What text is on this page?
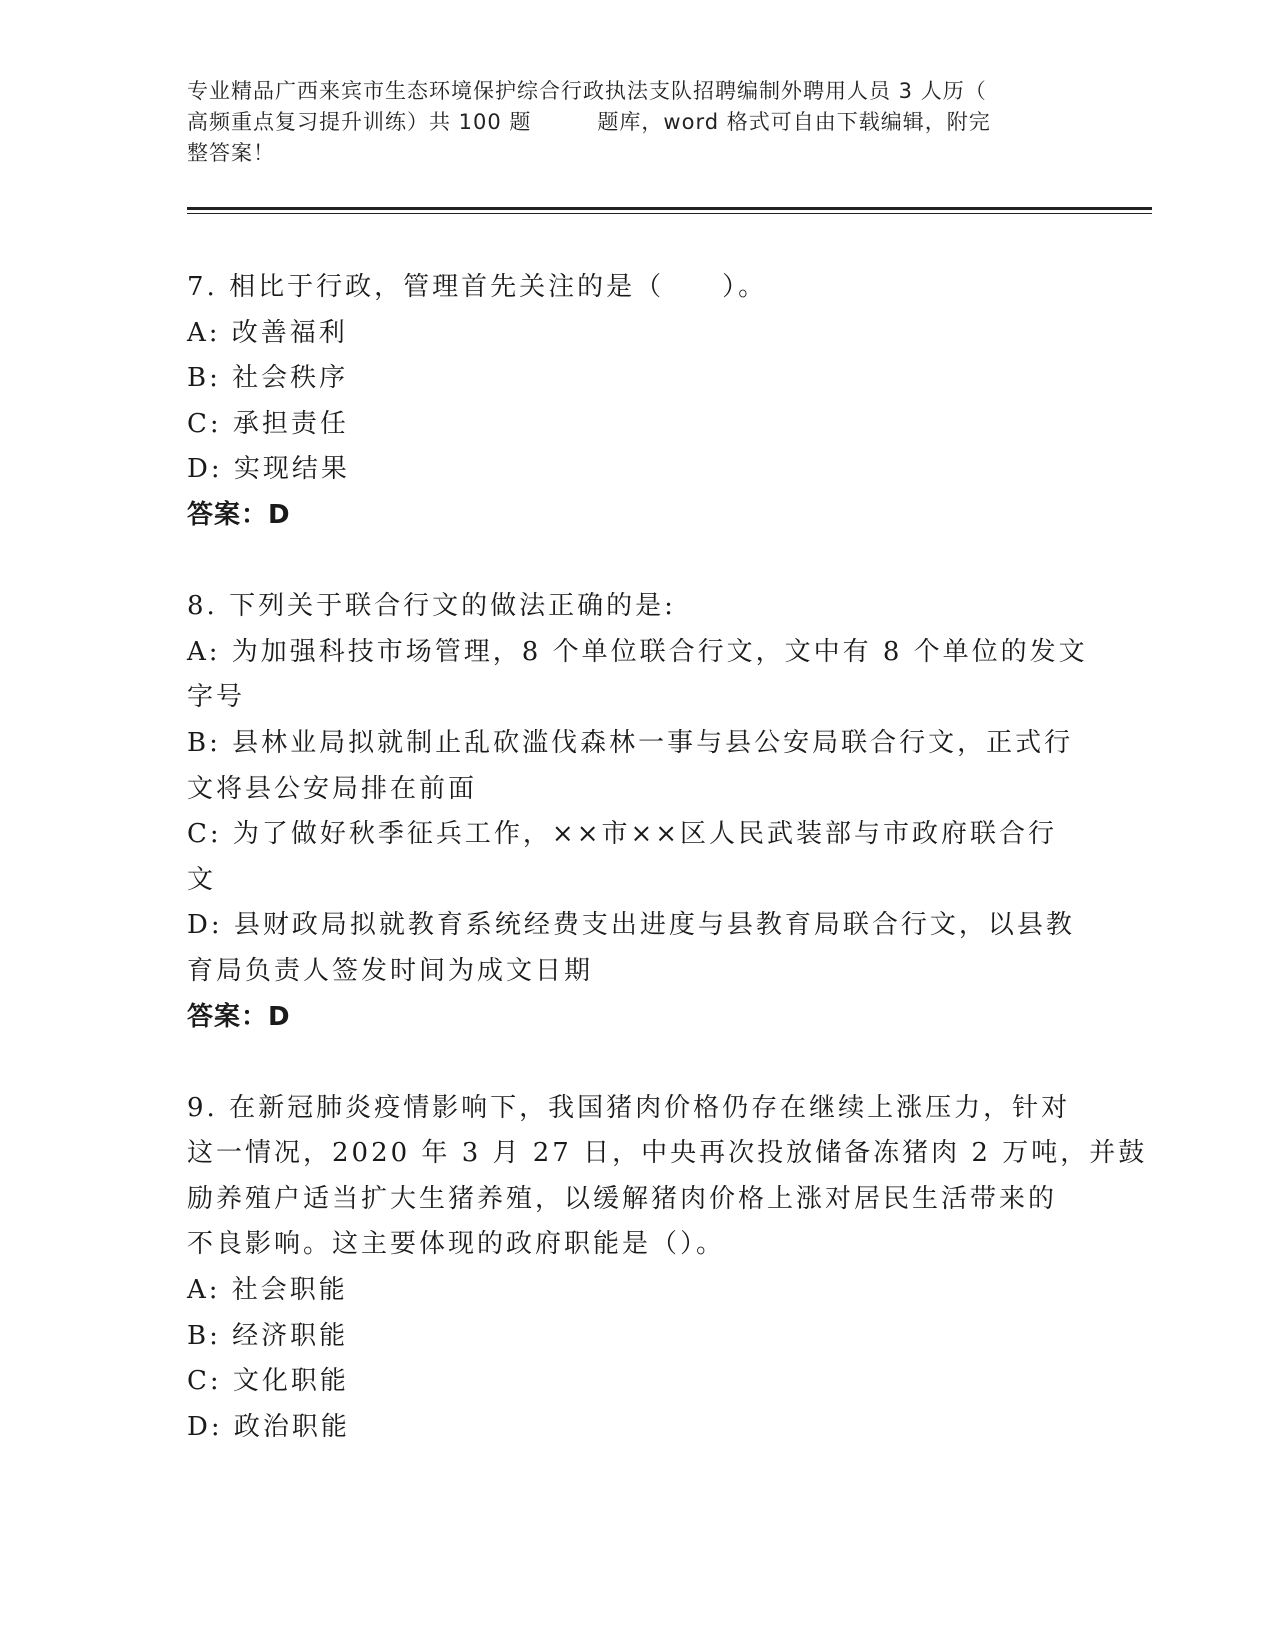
专业精品广西来宾市生态环境保护综合行政执法支队招聘编制外聘用人员 3 人历（
高频重点复习提升训练）共 100 题　　　题库，word 格式可自由下载编辑，附完
整答案！
7. 相比于行政，管理首先关注的是（　　）。
A: 改善福利
B: 社会秩序
C: 承担责任
D: 实现结果
答案：D
8. 下列关于联合行文的做法正确的是:
A: 为加强科技市场管理，8 个单位联合行文，文中有 8 个单位的发文
字号
B: 县林业局拟就制止乱砍滥伐森林一事与县公安局联合行文，正式行
文将县公安局排在前面
C: 为了做好秋季征兵工作，××市××区人民武装部与市政府联合行
文
D: 县财政局拟就教育系统经费支出进度与县教育局联合行文，以县教
育局负责人签发时间为成文日期
答案：D
9. 在新冠肺炎疫情影响下，我国猪肉价格仍存在继续上涨压力，针对
这一情况，2020 年 3 月 27 日，中央再次投放储备冻猪肉 2 万吨，并鼓
励养殖户适当扩大生猪养殖，以缓解猪肉价格上涨对居民生活带来的
不良影响。这主要体现的政府职能是（）。
A: 社会职能
B: 经济职能
C: 文化职能
D: 政治职能
